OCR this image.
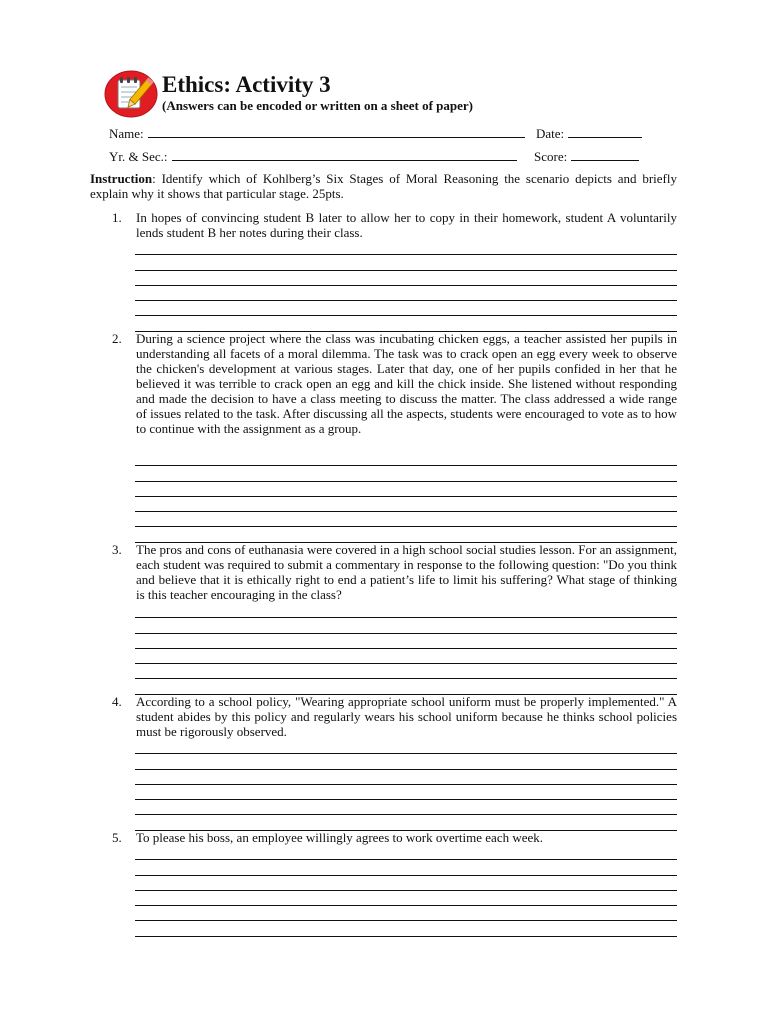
Ethics: Activity 3
(Answers can be encoded or written on a sheet of paper)
Name:	Date:
Yr. & Sec.:	Score:
Instruction: Identify which of Kohlberg’s Six Stages of Moral Reasoning the scenario depicts and briefly explain why it shows that particular stage. 25pts.
1. In hopes of convincing student B later to allow her to copy in their homework, student A voluntarily lends student B her notes during their class.
2. During a science project where the class was incubating chicken eggs, a teacher assisted her pupils in understanding all facets of a moral dilemma. The task was to crack open an egg every week to observe the chicken's development at various stages. Later that day, one of her pupils confided in her that he believed it was terrible to crack open an egg and kill the chick inside. She listened without responding and made the decision to have a class meeting to discuss the matter. The class addressed a wide range of issues related to the task. After discussing all the aspects, students were encouraged to vote as to how to continue with the assignment as a group.
3. The pros and cons of euthanasia were covered in a high school social studies lesson. For an assignment, each student was required to submit a commentary in response to the following question: "Do you think and believe that it is ethically right to end a patient’s life to limit his suffering? What stage of thinking is this teacher encouraging in the class?
4. According to a school policy, "Wearing appropriate school uniform must be properly implemented." A student abides by this policy and regularly wears his school uniform because he thinks school policies must be rigorously observed.
5. To please his boss, an employee willingly agrees to work overtime each week.
